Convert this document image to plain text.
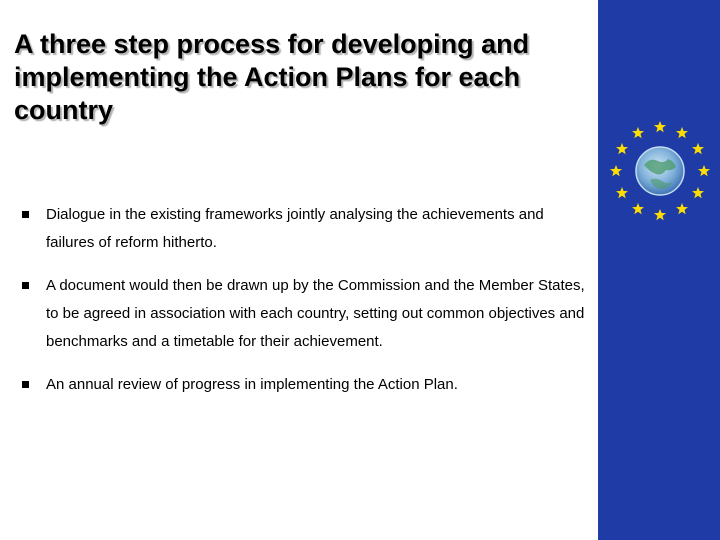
A three step process for developing and implementing the Action Plans for each country
Dialogue in the existing frameworks jointly analysing the achievements and failures of reform hitherto.
A document would then be drawn up by the Commission and the Member States, to be agreed in association with each country, setting out common objectives and benchmarks and a timetable for their achievement.
An annual review of progress in implementing the Action Plan.
